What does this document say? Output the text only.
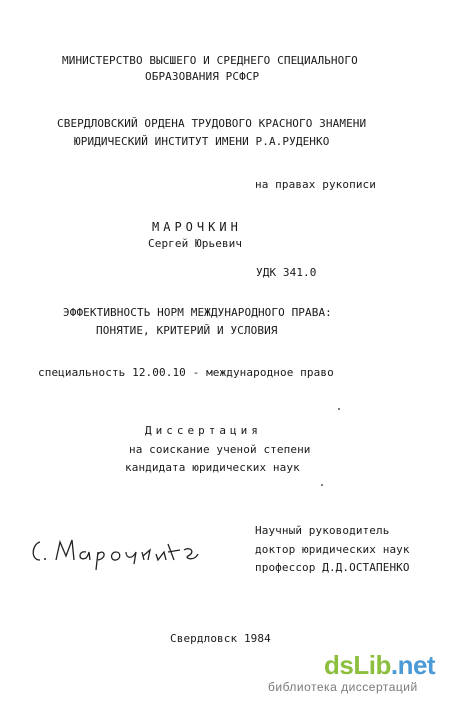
МИНИСТЕРСТВО ВЫСШЕГО И СРЕДНЕГО СПЕЦИАЛЬНОГО
ОБРАЗОВАНИЯ РСФСР
СВЕРДЛОВСКИЙ ОРДЕНА ТРУДОВОГО КРАСНОГО ЗНАМЕНИ
ЮРИДИЧЕСКИЙ ИНСТИТУТ ИМЕНИ Р.А.РУДЕНКО
на правах рукописи
МАРОЧКИН
Сергей Юрьевич
УДК 341.0
ЭФФЕКТИВНОСТЬ НОРМ МЕЖДУНАРОДНОГО ПРАВА:
ПОНЯТИЕ, КРИТЕРИЙ И УСЛОВИЯ
специальность 12.00.10 - международное право
Диссертация
на соискание ученой степени
кандидата юридических наук
Научный руководитель
доктор юридических наук
профессор Д.Д.ОСТАПЕНКО
Свердловск 1984
dsLib.net
библиотека диссертаций
